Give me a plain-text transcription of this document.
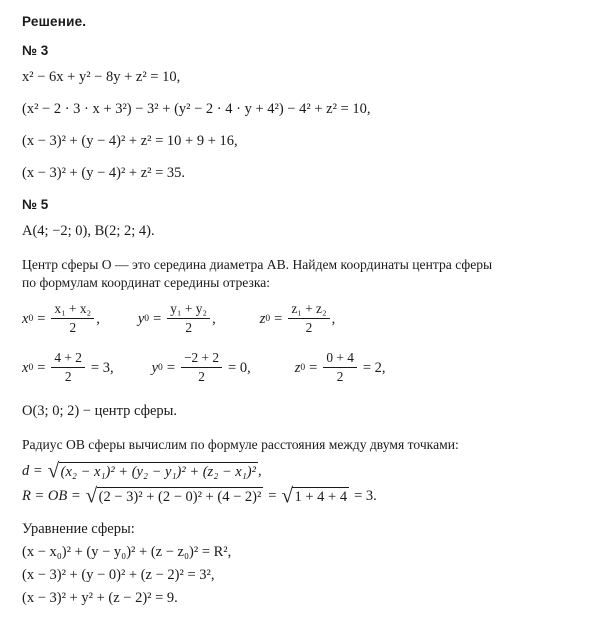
Решение.
№ 3
x² − 6x + y² − 8y + z² = 10,
(x² − 2 · 3 · x + 3²) − 3² + (y² − 2 · 4 · y + 4²) − 4² + z² = 10,
(x − 3)² + (y − 4)² + z² = 10 + 9 + 16,
(x − 3)² + (y − 4)² + z² = 35.
№ 5
A(4; −2; 0), B(2; 2; 4).
Центр сферы O — это середина диаметра AB. Найдем координаты центра сферы
по формулам координат середины отрезка:
x $0 = \frac{\text{x₁ + x₂}}{2}$ ,	y $0 = \frac{\text{y₁ + y₂}}{2}$ ,	z $0 = \frac{\text{z₁ + z₂}}{2}$ ,
x $0 = \frac{4 + 2}{2} = 3$,	y $0 = \frac{-2 + 2}{2} = 0$,	z $0 = \frac{0 + 4}{2} = 2$,
O(3; 0; 2) − центр сферы.
Радиус OB сферы вычислим по формуле расстояния между двумя точками:
d = √ (x₂ − x₁)² + (y₂ − y₁)² + (z₂ − x₁)² ,
R = OB = √ (2 − 3)² + (2 − 0)² + (4 − 2)² = √ 1 + 4 + 4 = 3.
Уравнение сферы:
(x − x₀)² + (y − y₀)² + (z − z₀)² = R²,
(x − 3)² + (y − 0)² + (z − 2)² = 3²,
(x − 3)² + y² + (z − 2)² = 9.
